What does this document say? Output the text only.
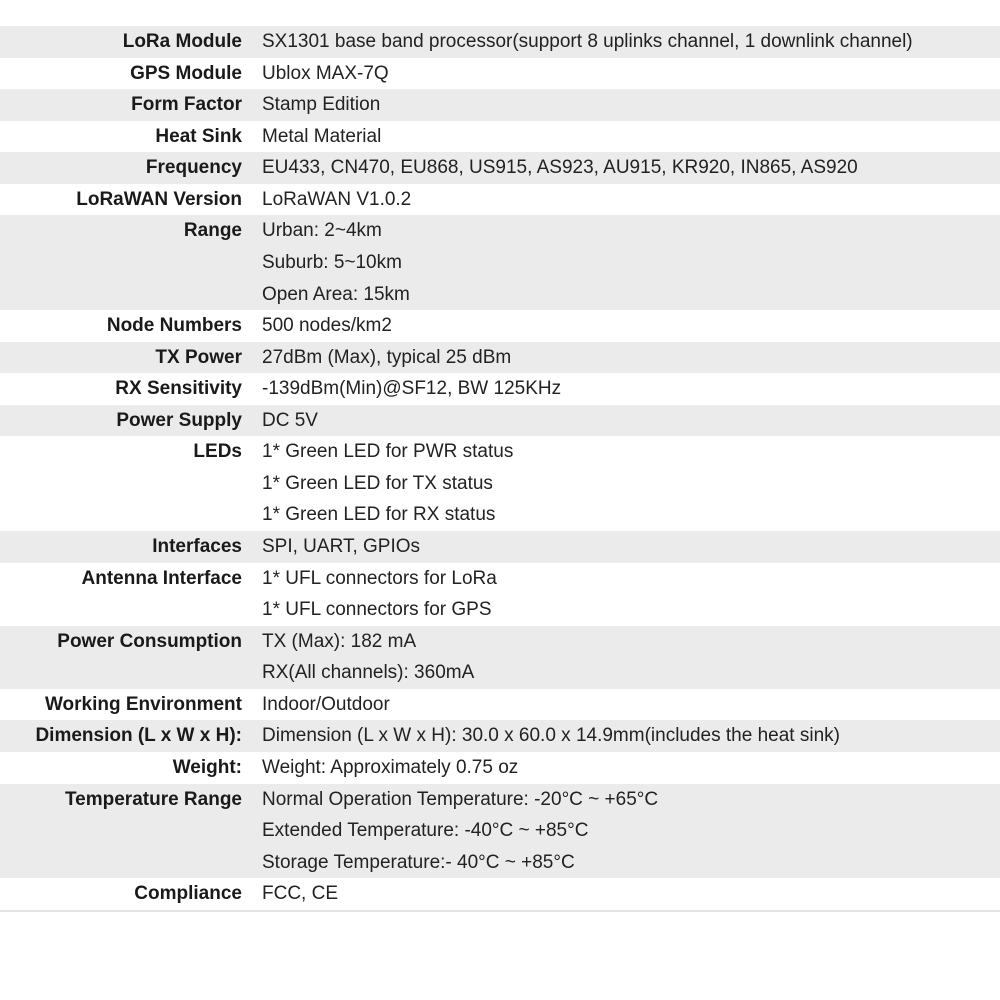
LoRa Module SX1301 base band processor(support 8 uplinks channel, 1 downlink channel)
GPS Module Ublox MAX-7Q
Form Factor Stamp Edition
Heat Sink Metal Material
Frequency EU433, CN470, EU868, US915, AS923, AU915, KR920, IN865, AS920
LoRaWAN Version LoRaWAN V1.0.2
Range Urban: 2~4km
Suburb: 5~10km
Open Area: 15km
Node Numbers 500 nodes/km2
TX Power 27dBm (Max), typical 25 dBm
RX Sensitivity -139dBm(Min)@SF12, BW 125KHz
Power Supply DC 5V
LEDs 1* Green LED for PWR status
1* Green LED for TX status
1* Green LED for RX status
Interfaces SPI, UART, GPIOs
Antenna Interface 1* UFL connectors for LoRa
1* UFL connectors for GPS
Power Consumption TX (Max): 182 mA
RX(All channels): 360mA
Working Environment Indoor/Outdoor
Dimension (L x W x H): Dimension (L x W x H): 30.0 x 60.0 x 14.9mm(includes the heat sink)
Weight: Weight: Approximately 0.75 oz
Temperature Range Normal Operation Temperature: -20°C ~ +65°C
Extended Temperature: -40°C ~ +85°C
Storage Temperature:- 40°C ~ +85°C
Compliance FCC, CE
